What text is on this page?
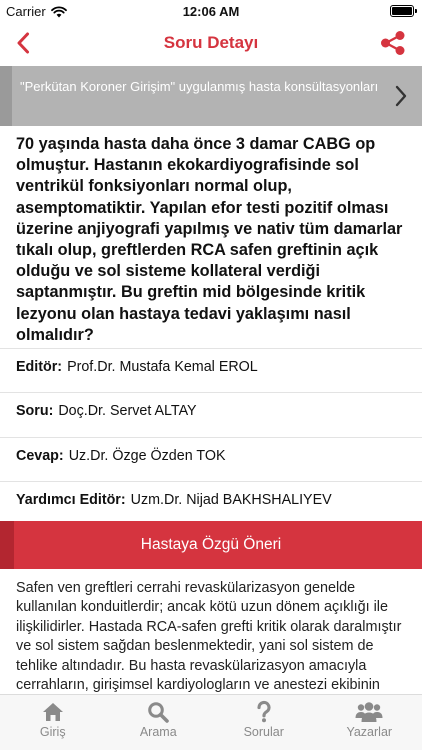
Carrier	12:06 AM
Soru Detayı
"Perkütan Koroner Girişim" uygulanmış hasta konsültasyonları
70 yaşında hasta daha önce 3 damar CABG op olmuştur. Hastanın ekokardiyografisinde sol ventrikül fonksiyonları normal olup, asemptomatiktir. Yapılan efor testi pozitif olması üzerine anjiyografi yapılmış ve nativ tüm damarlar tıkalı olup, greftlerden RCA safen greftinin açık olduğu ve sol sisteme kollateral verdiği saptanmıştır. Bu greftin mid bölgesinde kritik lezyonu olan hastaya tedavi yaklaşımı nasıl olmalıdır?
Editör: Prof.Dr. Mustafa Kemal EROL
Soru: Doç.Dr. Servet ALTAY
Cevap: Uz.Dr. Özge Özden TOK
Yardımcı Editör: Uzm.Dr. Nijad BAKHSHALIYEV
Hastaya Özgü Öneri
Safen ven greftleri cerrahi revaskülarizasyon genelde kullanılan konduitlerdir; ancak kötü uzun dönem açıklığı ile ilişkilidirler. Hastada RCA-safen grefti kritik olarak daralmıştır ve sol sistem sağdan beslenmektedir, yani sol sistem de tehlike altındadır. Bu hasta revaskülarizasyon amacıyla cerrahların, girişimsel kardiyologların ve anestezi ekibinin
Giriş	Arama	Sorular	Yazarlar
